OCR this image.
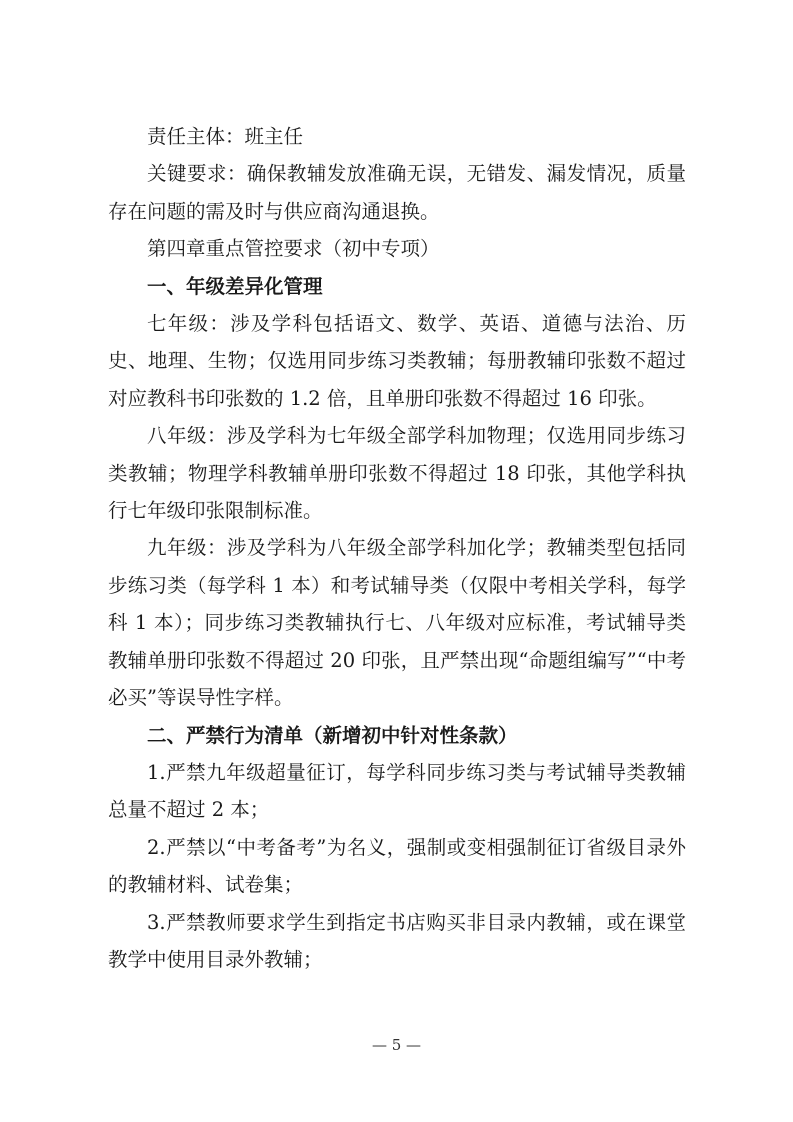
责任主体：班主任

关键要求：确保教辅发放准确无误，无错发、漏发情况，质量存在问题的需及时与供应商沟通退换。

第四章重点管控要求（初中专项）

一、年级差异化管理

七年级：涉及学科包括语文、数学、英语、道德与法治、历史、地理、生物；仅选用同步练习类教辅；每册教辅印张数不超过对应教科书印张数的 1.2 倍，且单册印张数不得超过 16 印张。

八年级：涉及学科为七年级全部学科加物理；仅选用同步练习类教辅；物理学科教辅单册印张数不得超过 18 印张，其他学科执行七年级印张限制标准。

九年级：涉及学科为八年级全部学科加化学；教辅类型包括同步练习类（每学科 1 本）和考试辅导类（仅限中考相关学科，每学科 1 本）；同步练习类教辅执行七、八年级对应标准，考试辅导类教辅单册印张数不得超过 20 印张，且严禁出现“命题组编写”“中考必买”等误导性字样。

二、严禁行为清单（新增初中针对性条款）

1.严禁九年级超量征订，每学科同步练习类与考试辅导类教辅总量不超过 2 本；

2.严禁以“中考备考”为名义，强制或变相强制征订省级目录外的教辅材料、试卷集；

3.严禁教师要求学生到指定书店购买非目录内教辅，或在课堂教学中使用目录外教辅；

— 5 —
